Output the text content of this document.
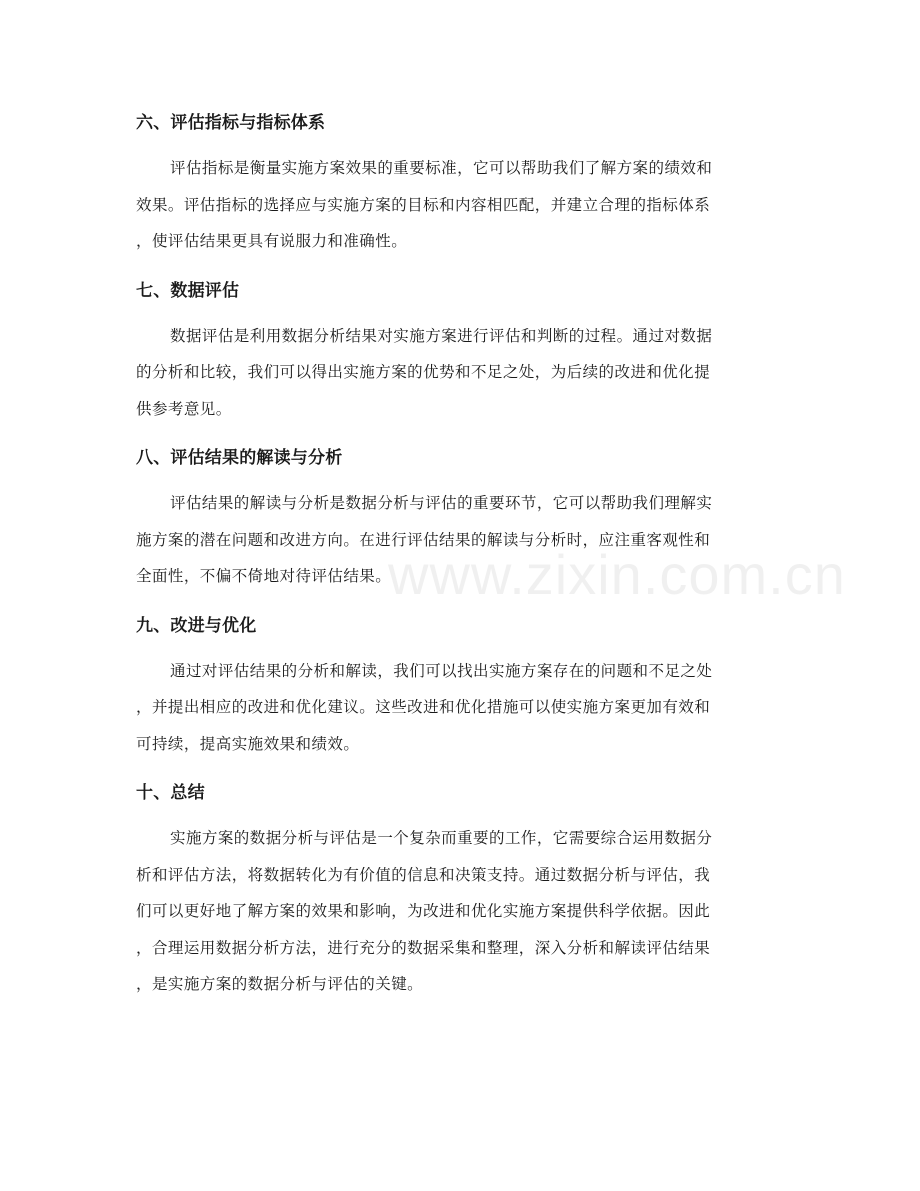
www.zixin.com.cn
六、评估指标与指标体系
评估指标是衡量实施方案效果的重要标准，它可以帮助我们了解方案的绩效和
效果。评估指标的选择应与实施方案的目标和内容相匹配，并建立合理的指标体系
，使评估结果更具有说服力和准确性。
七、数据评估
数据评估是利用数据分析结果对实施方案进行评估和判断的过程。通过对数据
的分析和比较，我们可以得出实施方案的优势和不足之处，为后续的改进和优化提
供参考意见。
八、评估结果的解读与分析
评估结果的解读与分析是数据分析与评估的重要环节，它可以帮助我们理解实
施方案的潜在问题和改进方向。在进行评估结果的解读与分析时，应注重客观性和
全面性，不偏不倚地对待评估结果。
九、改进与优化
通过对评估结果的分析和解读，我们可以找出实施方案存在的问题和不足之处
，并提出相应的改进和优化建议。这些改进和优化措施可以使实施方案更加有效和
可持续，提高实施效果和绩效。
十、总结
实施方案的数据分析与评估是一个复杂而重要的工作，它需要综合运用数据分
析和评估方法，将数据转化为有价值的信息和决策支持。通过数据分析与评估，我
们可以更好地了解方案的效果和影响，为改进和优化实施方案提供科学依据。因此
，合理运用数据分析方法，进行充分的数据采集和整理，深入分析和解读评估结果
，是实施方案的数据分析与评估的关键。
